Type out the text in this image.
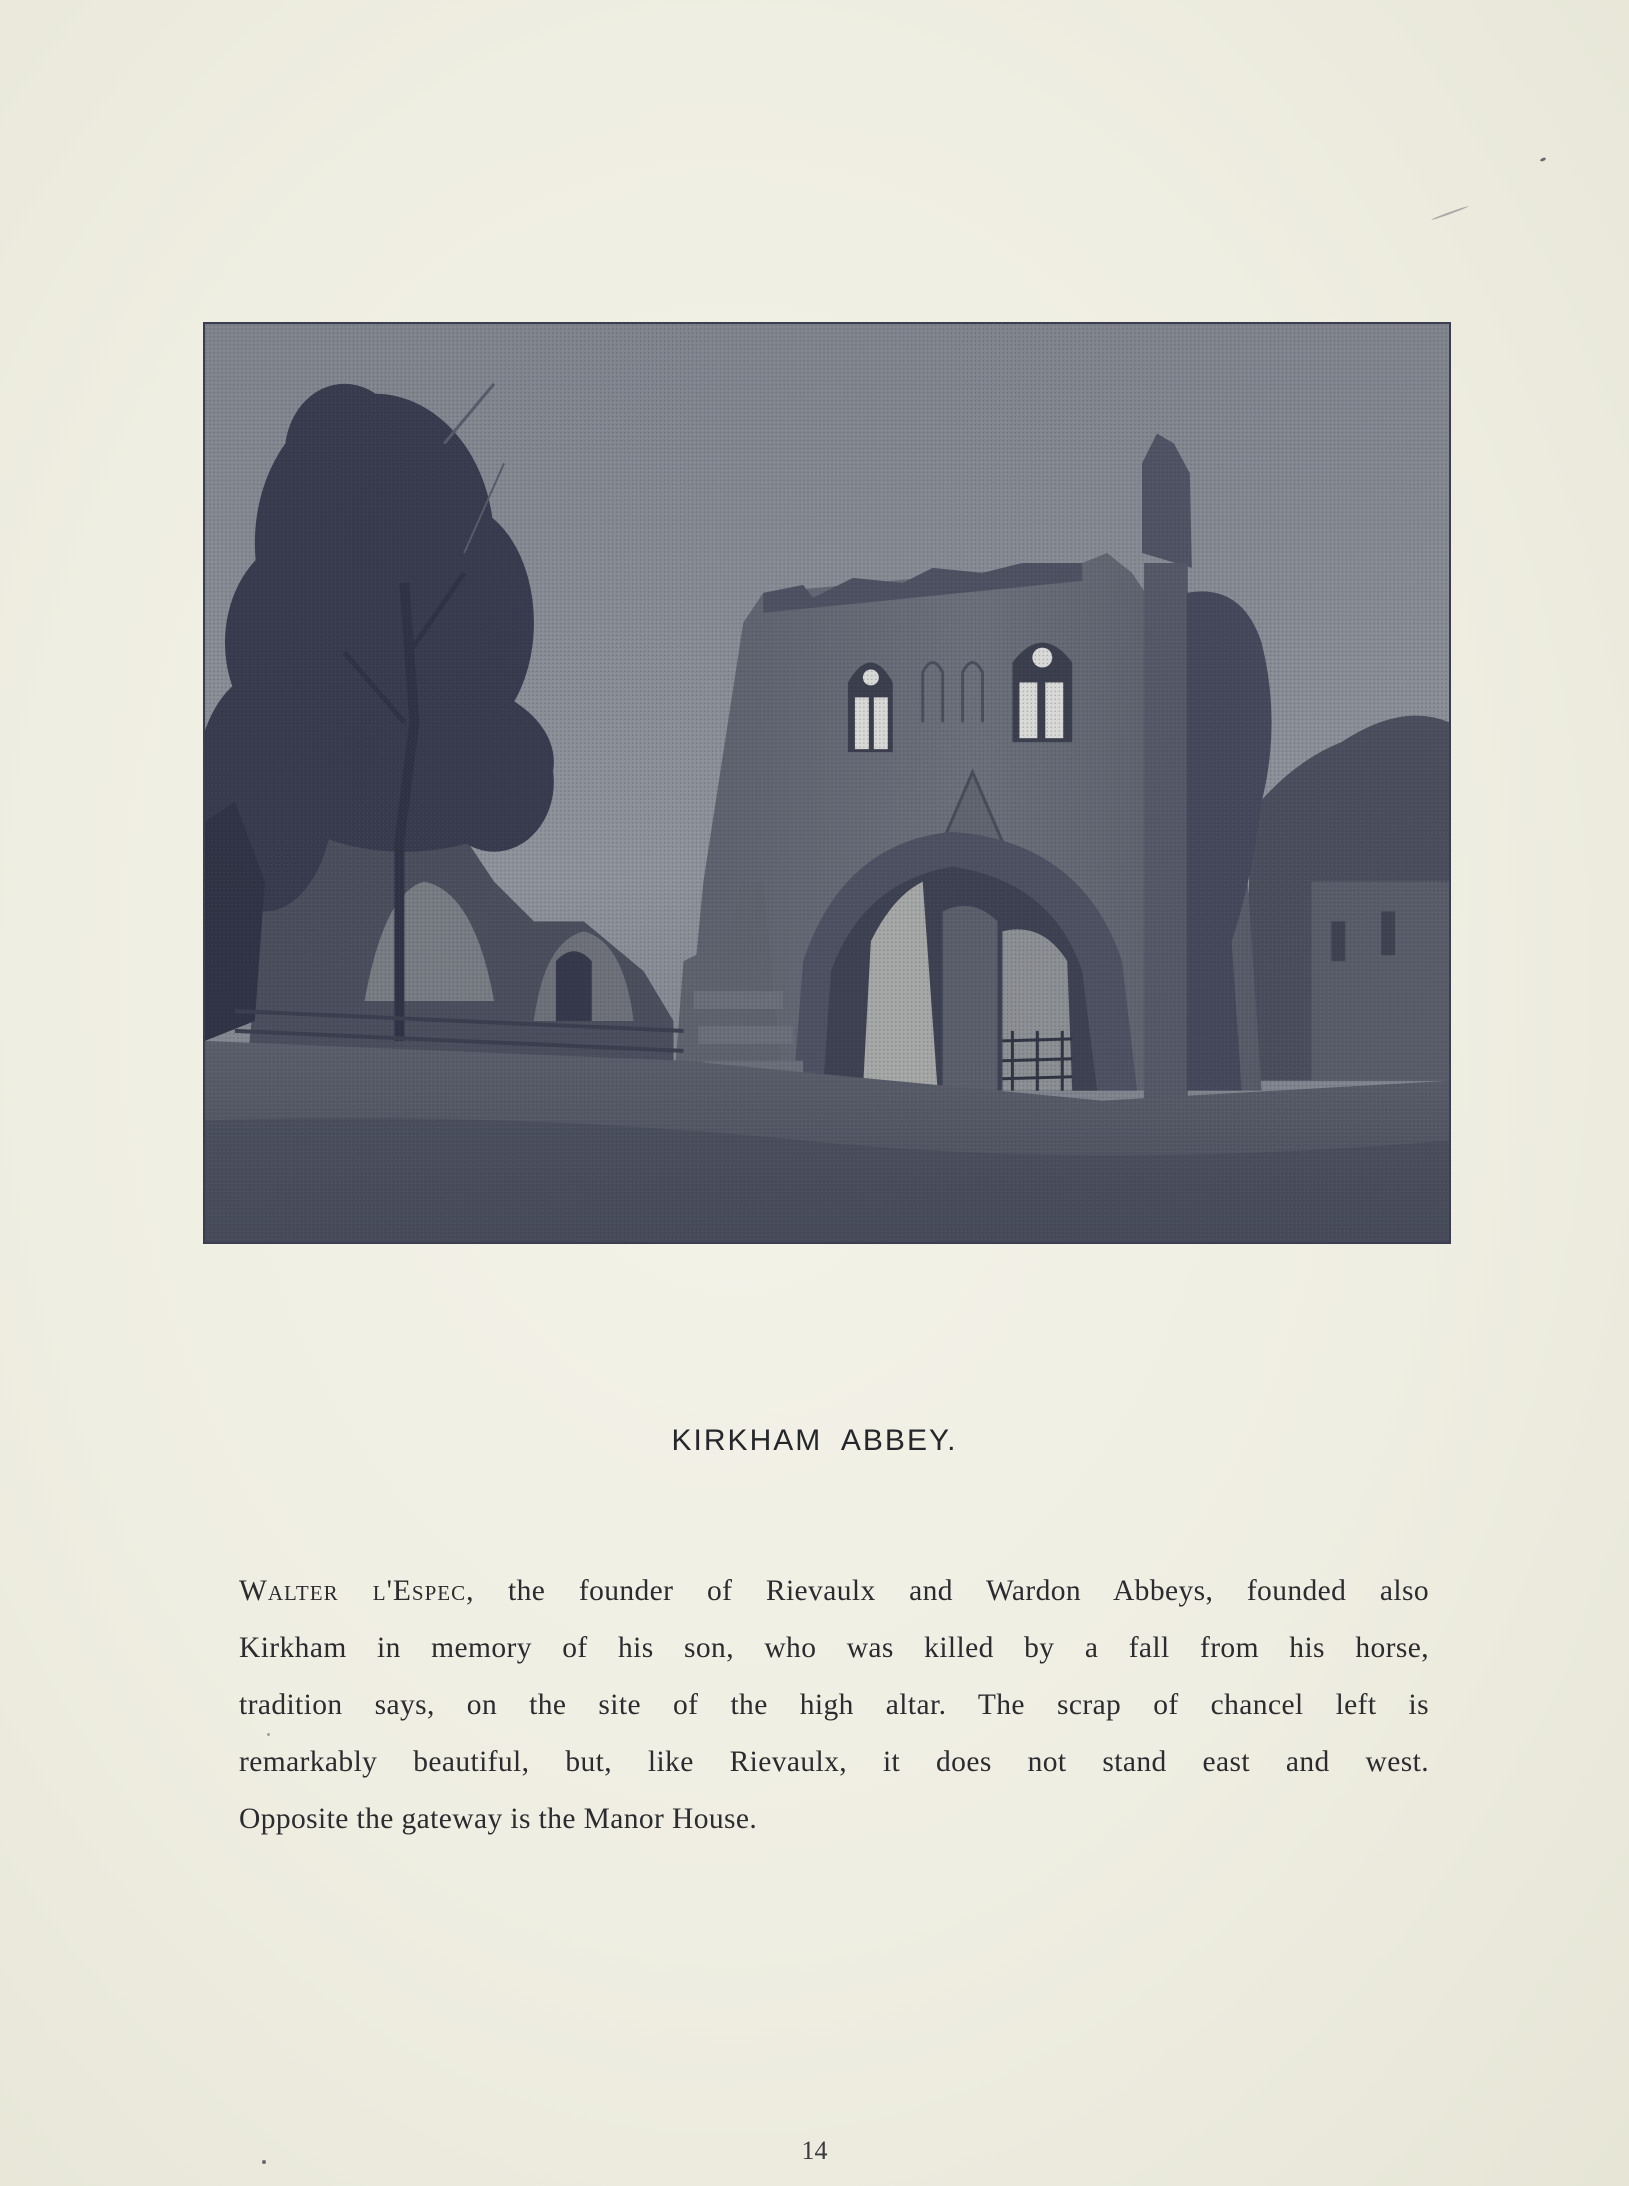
KIRKHAM ABBEY.
Walter l'Espec, the founder of Rievaulx and Wardon Abbeys, founded also
Kirkham in memory of his son, who was killed by a fall from his horse,
tradition says, on the site of the high altar. The scrap of chancel left is
remarkably beautiful, but, like Rievaulx, it does not stand east and west.
Opposite the gateway is the Manor House.
14
